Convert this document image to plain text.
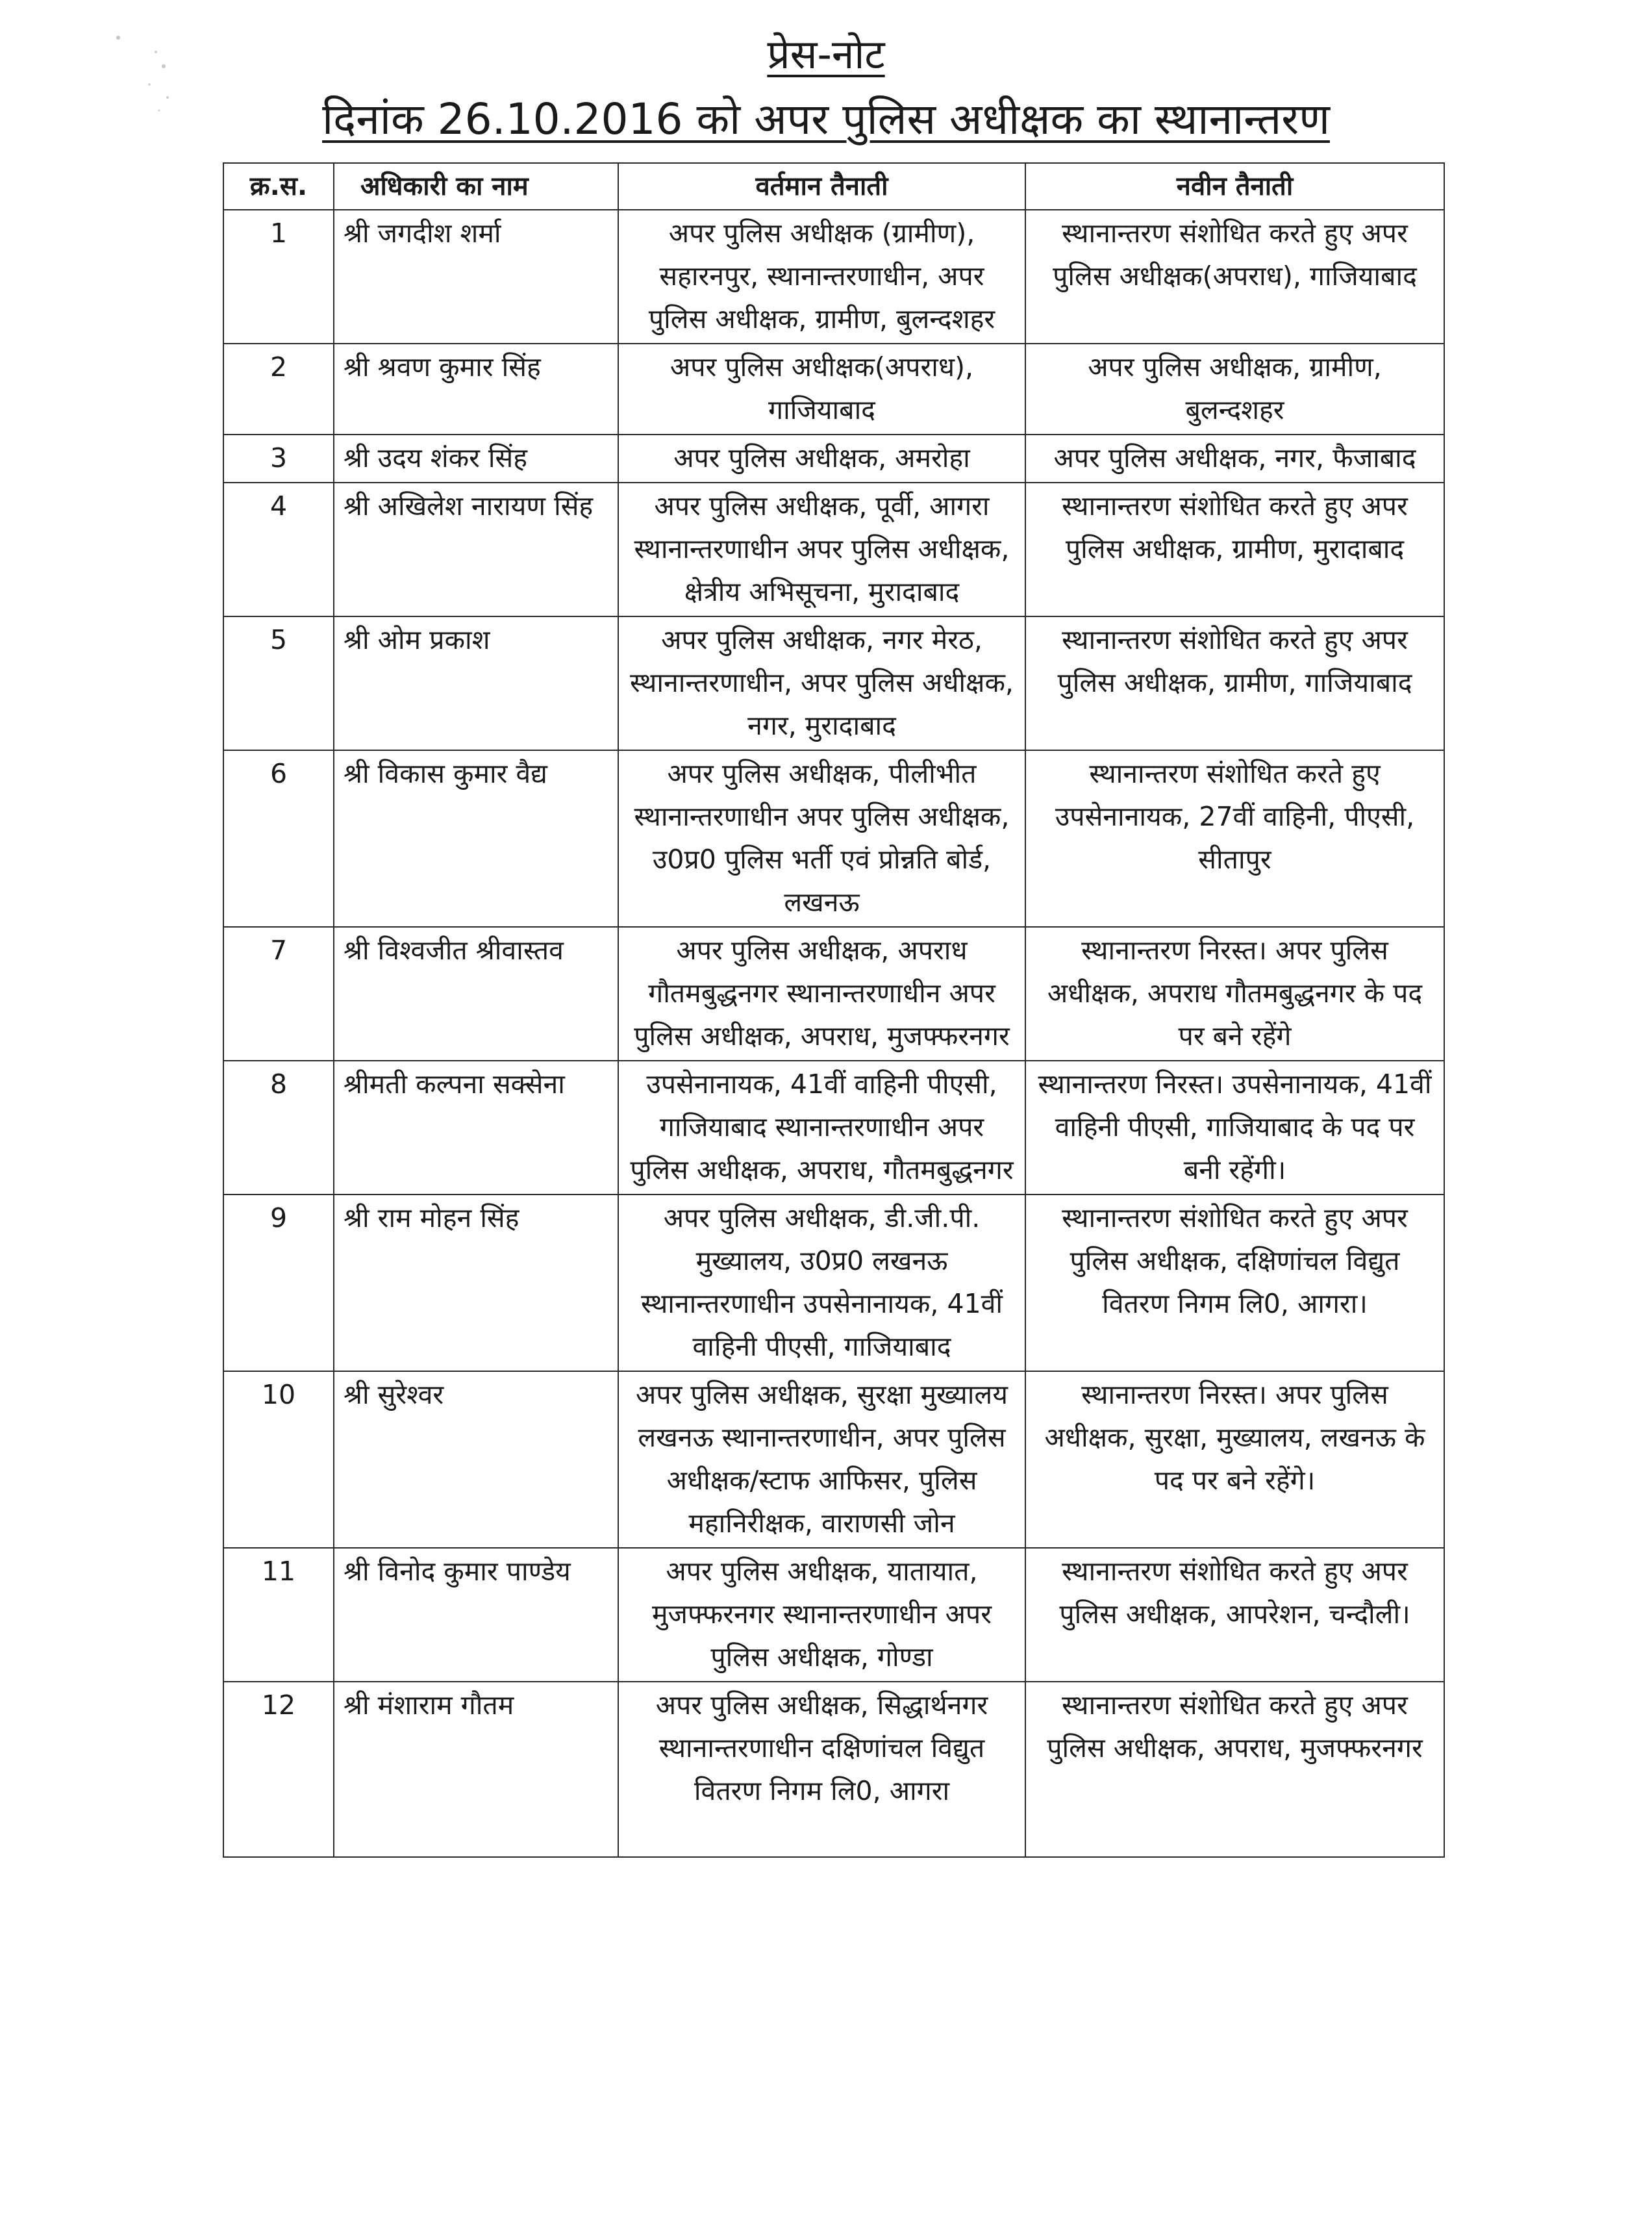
प्रेस-नोट
दिनांक 26.10.2016 को अपर पुलिस अधीक्षक का स्थानान्तरण
क्र.स.	अधिकारी का नाम	वर्तमान तैनाती	नवीन तैनाती
1	श्री जगदीश शर्मा	अपर पुलिस अधीक्षक (ग्रामीण), सहारनपुर, स्थानान्तरणाधीन, अपर पुलिस अधीक्षक, ग्रामीण, बुलन्दशहर	स्थानान्तरण संशोधित करते हुए अपर पुलिस अधीक्षक(अपराध), गाजियाबाद
2	श्री श्रवण कुमार सिंह	अपर पुलिस अधीक्षक(अपराध), गाजियाबाद	अपर पुलिस अधीक्षक, ग्रामीण, बुलन्दशहर
3	श्री उदय शंकर सिंह	अपर पुलिस अधीक्षक, अमरोहा	अपर पुलिस अधीक्षक, नगर, फैजाबाद
4	श्री अखिलेश नारायण सिंह	अपर पुलिस अधीक्षक, पूर्वी, आगरा स्थानान्तरणाधीन अपर पुलिस अधीक्षक, क्षेत्रीय अभिसूचना, मुरादाबाद	स्थानान्तरण संशोधित करते हुए अपर पुलिस अधीक्षक, ग्रामीण, मुरादाबाद
5	श्री ओम प्रकाश	अपर पुलिस अधीक्षक, नगर मेरठ, स्थानान्तरणाधीन, अपर पुलिस अधीक्षक, नगर, मुरादाबाद	स्थानान्तरण संशोधित करते हुए अपर पुलिस अधीक्षक, ग्रामीण, गाजियाबाद
6	श्री विकास कुमार वैद्य	अपर पुलिस अधीक्षक, पीलीभीत स्थानान्तरणाधीन अपर पुलिस अधीक्षक, उ0प्र0 पुलिस भर्ती एवं प्रोन्नति बोर्ड, लखनऊ	स्थानान्तरण संशोधित करते हुए उपसेनानायक, 27वीं वाहिनी, पीएसी, सीतापुर
7	श्री विश्वजीत श्रीवास्तव	अपर पुलिस अधीक्षक, अपराध गौतमबुद्धनगर स्थानान्तरणाधीन अपर पुलिस अधीक्षक, अपराध, मुजफ्फरनगर	स्थानान्तरण निरस्त। अपर पुलिस अधीक्षक, अपराध गौतमबुद्धनगर के पद पर बने रहेंगे
8	श्रीमती कल्पना सक्सेना	उपसेनानायक, 41वीं वाहिनी पीएसी, गाजियाबाद स्थानान्तरणाधीन अपर पुलिस अधीक्षक, अपराध, गौतमबुद्धनगर	स्थानान्तरण निरस्त। उपसेनानायक, 41वीं वाहिनी पीएसी, गाजियाबाद के पद पर बनी रहेंगी।
9	श्री राम मोहन सिंह	अपर पुलिस अधीक्षक, डी.जी.पी. मुख्यालय, उ0प्र0 लखनऊ स्थानान्तरणाधीन उपसेनानायक, 41वीं वाहिनी पीएसी, गाजियाबाद	स्थानान्तरण संशोधित करते हुए अपर पुलिस अधीक्षक, दक्षिणांचल विद्युत वितरण निगम लि0, आगरा।
10	श्री सुरेश्वर	अपर पुलिस अधीक्षक, सुरक्षा मुख्यालय लखनऊ स्थानान्तरणाधीन, अपर पुलिस अधीक्षक/स्टाफ आफिसर, पुलिस महानिरीक्षक, वाराणसी जोन	स्थानान्तरण निरस्त। अपर पुलिस अधीक्षक, सुरक्षा, मुख्यालय, लखनऊ के पद पर बने रहेंगे।
11	श्री विनोद कुमार पाण्डेय	अपर पुलिस अधीक्षक, यातायात, मुजफ्फरनगर स्थानान्तरणाधीन अपर पुलिस अधीक्षक, गोण्डा	स्थानान्तरण संशोधित करते हुए अपर पुलिस अधीक्षक, आपरेशन, चन्दौली।
12	श्री मंशाराम गौतम	अपर पुलिस अधीक्षक, सिद्धार्थनगर स्थानान्तरणाधीन दक्षिणांचल विद्युत वितरण निगम लि0, आगरा	स्थानान्तरण संशोधित करते हुए अपर पुलिस अधीक्षक, अपराध, मुजफ्फरनगर
